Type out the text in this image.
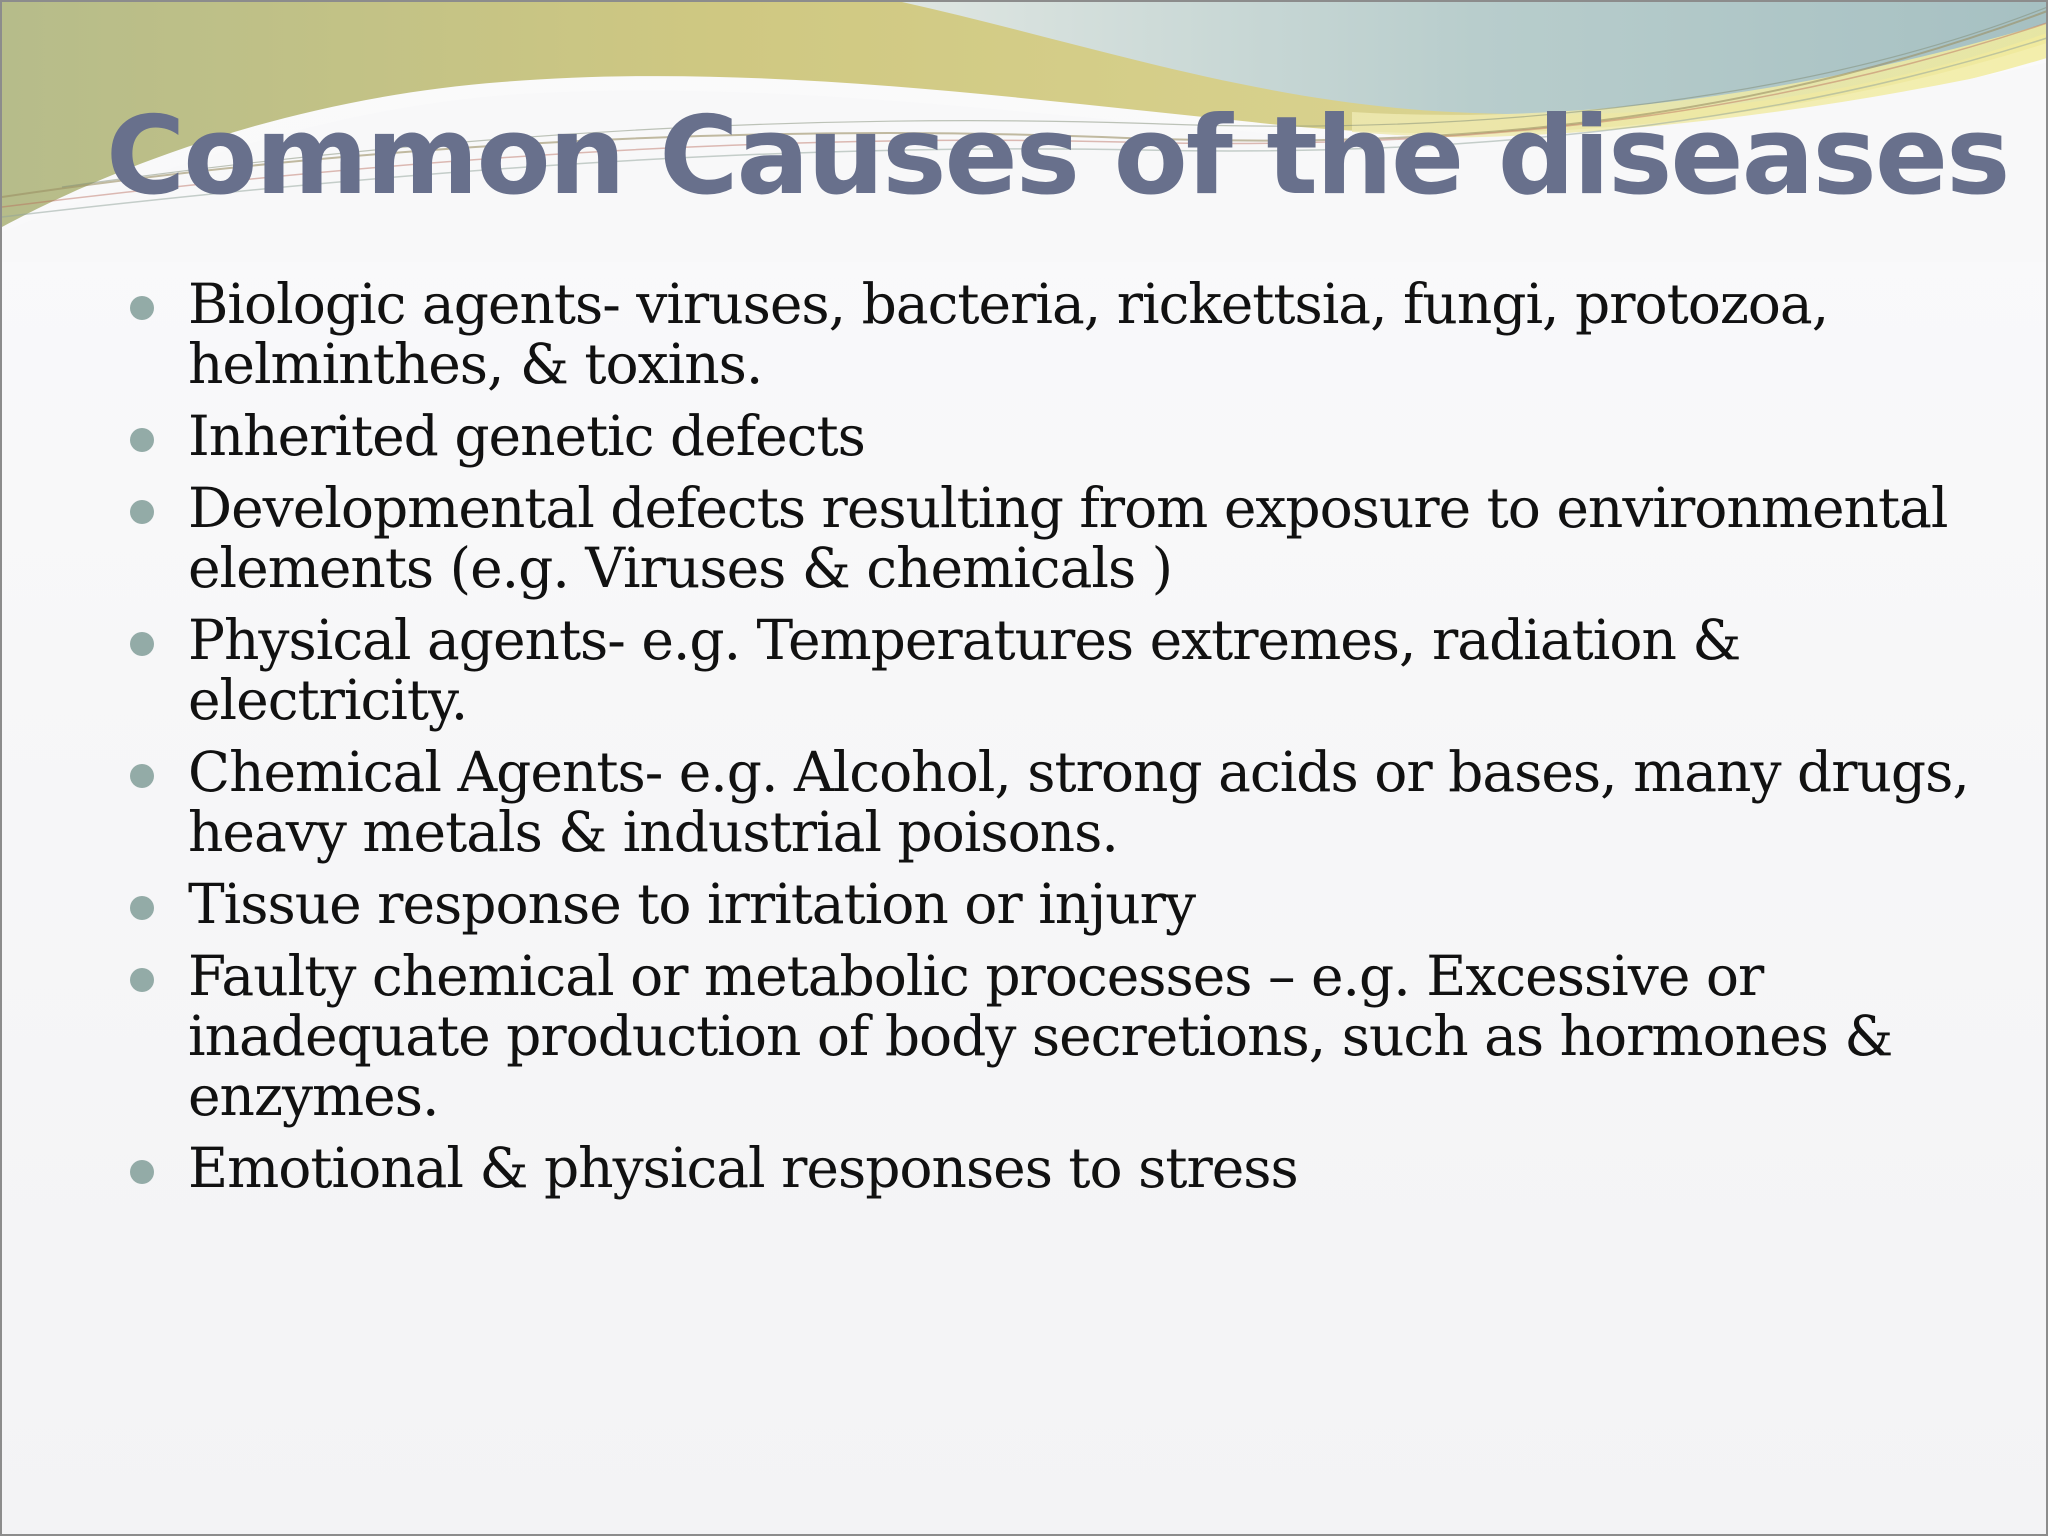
Common Causes of the diseases
Biologic agents- viruses, bacteria, rickettsia, fungi, protozoa, helminthes, & toxins.
Inherited genetic defects
Developmental defects resulting from exposure to environmental elements (e.g. Viruses & chemicals )
Physical agents- e.g. Temperatures extremes, radiation & electricity.
Chemical Agents- e.g. Alcohol, strong acids or bases, many drugs, heavy metals & industrial poisons.
Tissue response to irritation or injury
Faulty chemical or metabolic processes – e.g. Excessive or inadequate production of body secretions, such as hormones & enzymes.
Emotional & physical responses to stress
